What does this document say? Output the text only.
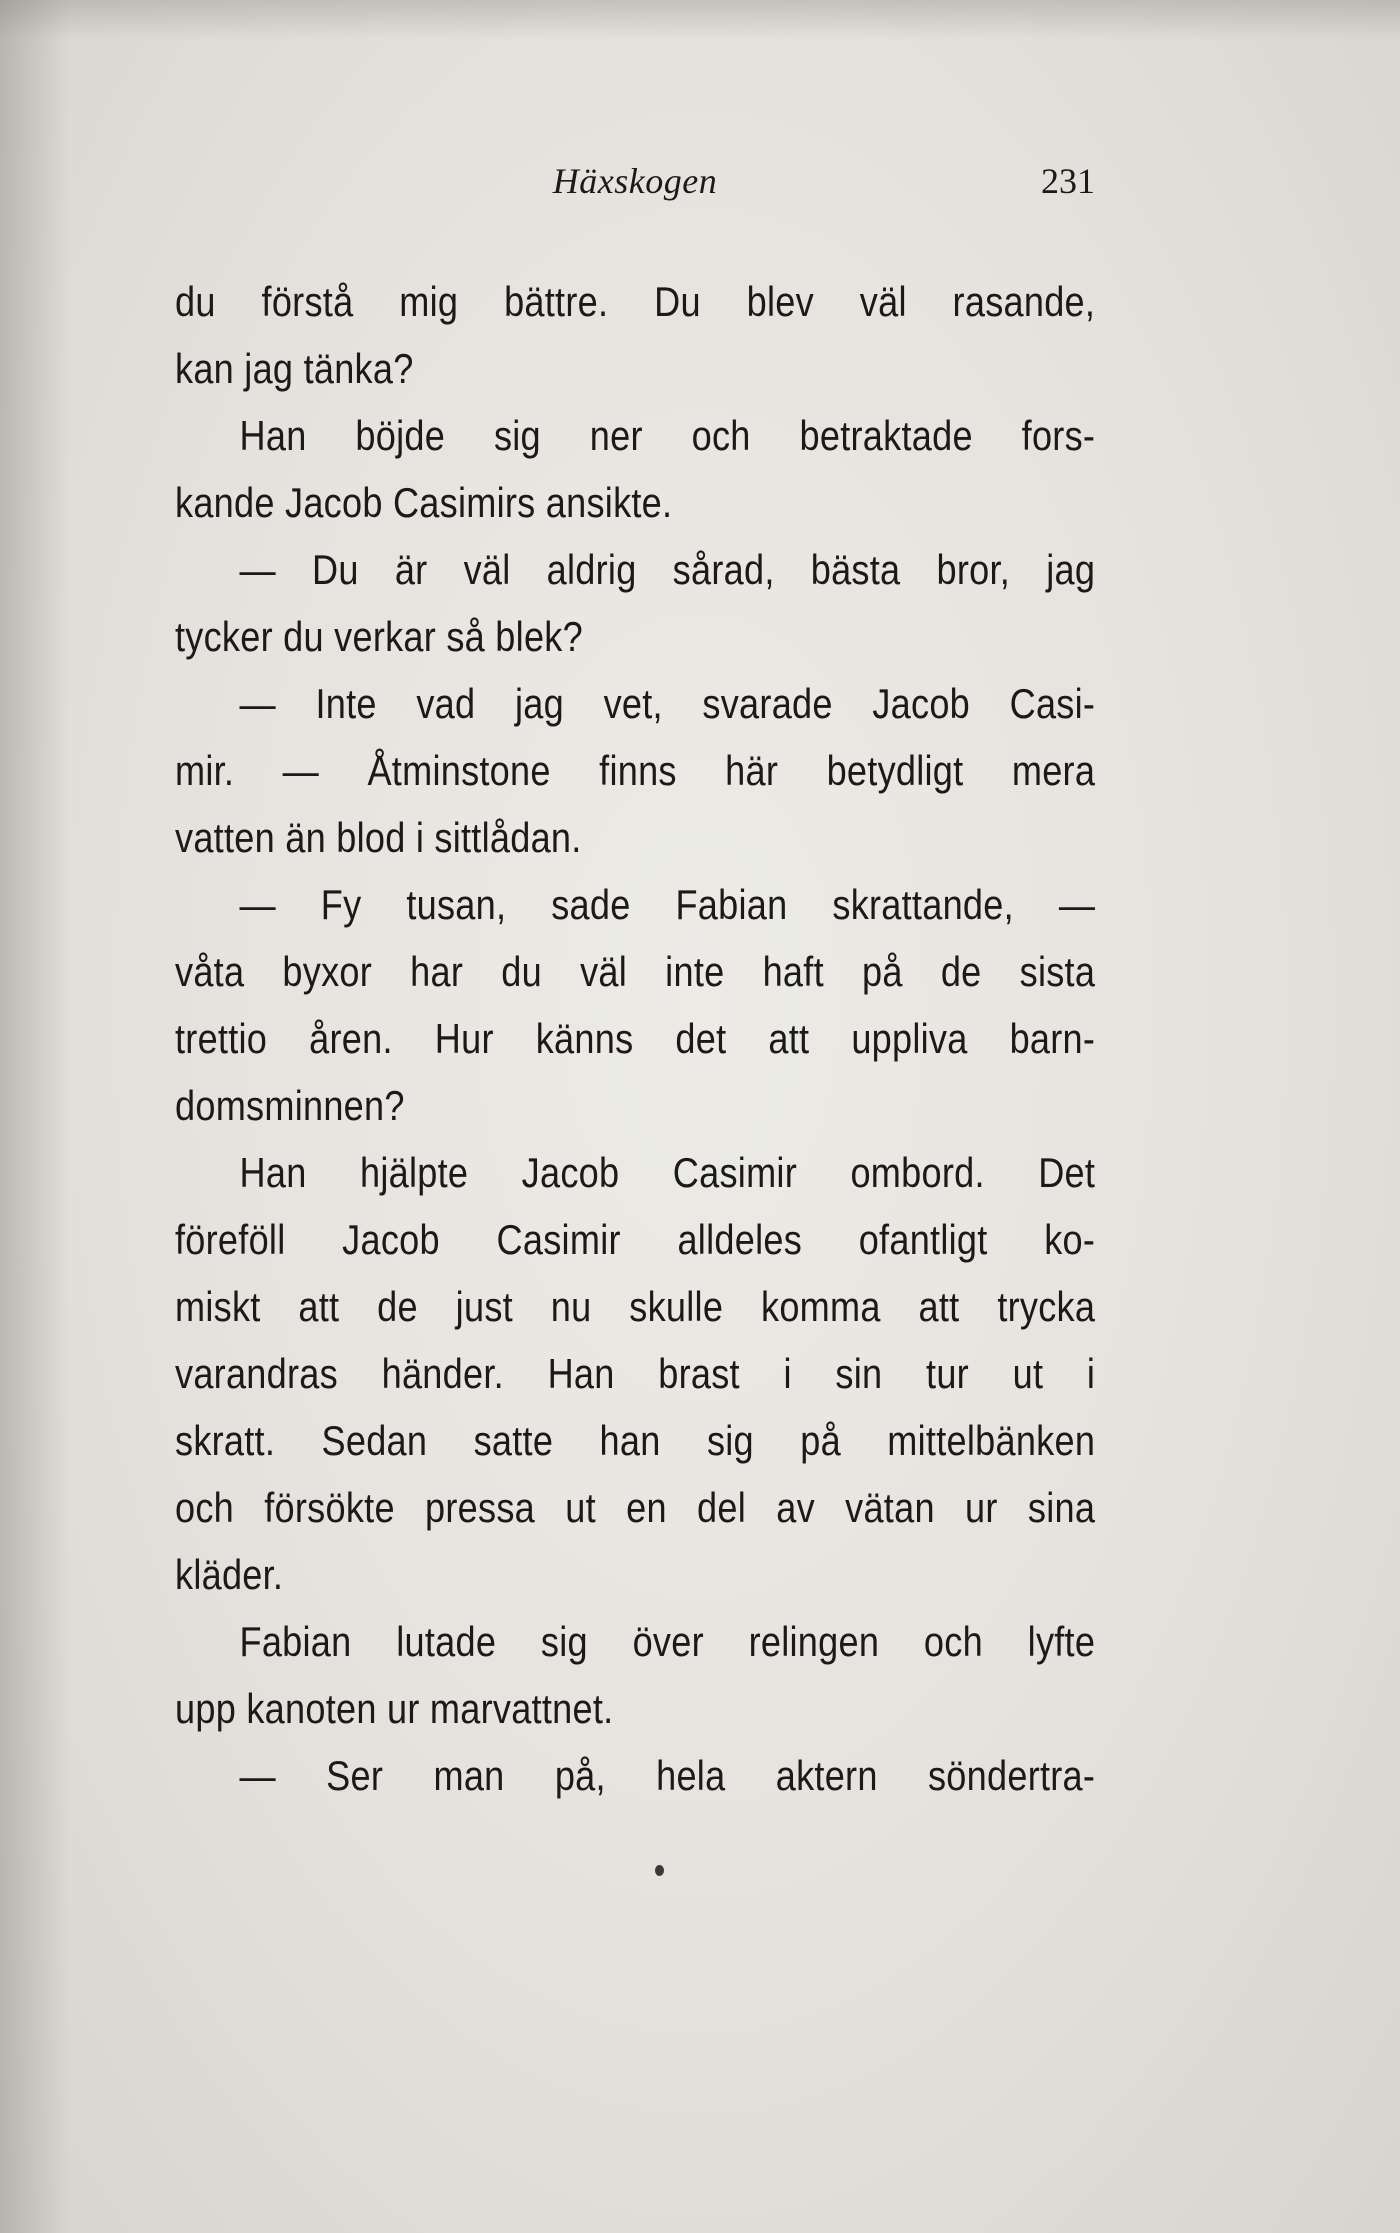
Häxskogen	231
du förstå mig bättre. Du blev väl rasande,
kan jag tänka?
Han böjde sig ner och betraktade fors-
kande Jacob Casimirs ansikte.
— Du är väl aldrig sårad, bästa bror, jag
tycker du verkar så blek?
— Inte vad jag vet, svarade Jacob Casi-
mir. — Åtminstone finns här betydligt mera
vatten än blod i sittlådan.
— Fy tusan, sade Fabian skrattande, —
våta byxor har du väl inte haft på de sista
trettio åren. Hur känns det att uppliva barn-
domsminnen?
Han hjälpte Jacob Casimir ombord. Det
föreföll Jacob Casimir alldeles ofantligt ko-
miskt att de just nu skulle komma att trycka
varandras händer. Han brast i sin tur ut i
skratt. Sedan satte han sig på mittelbänken
och försökte pressa ut en del av vätan ur sina
kläder.
Fabian lutade sig över relingen och lyfte
upp kanoten ur marvattnet.
— Ser man på, hela aktern söndertra-
